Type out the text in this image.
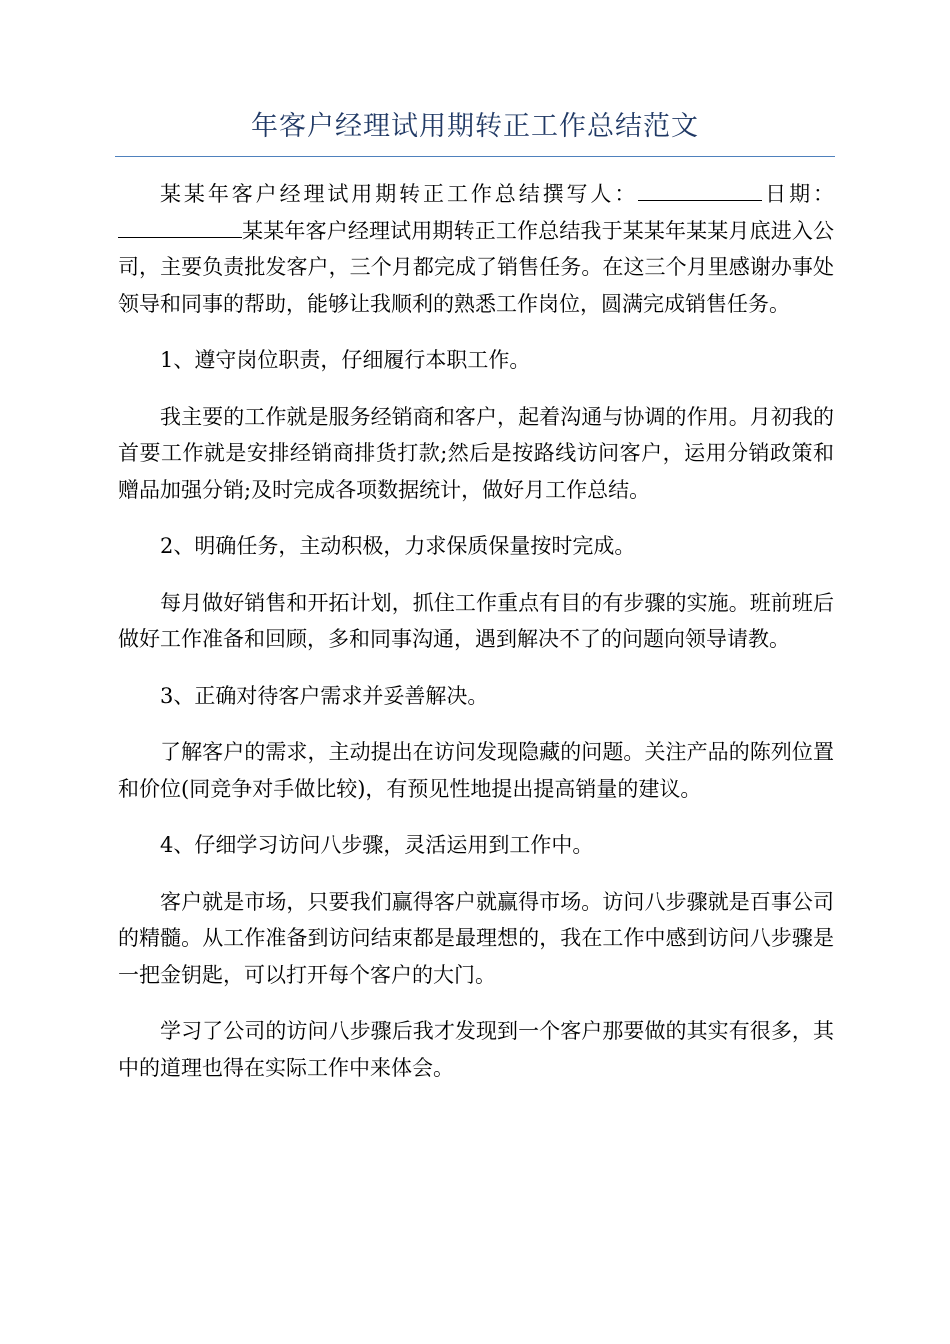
年客户经理试用期转正工作总结范文

某某年客户经理试用期转正工作总结撰写人：	日期：某某年客户经理试用期转正工作总结我于某某年某某月底进入公司，主要负责批发客户，三个月都完成了销售任务。在这三个月里感谢办事处领导和同事的帮助，能够让我顺利的熟悉工作岗位，圆满完成销售任务。

1、遵守岗位职责，仔细履行本职工作。

我主要的工作就是服务经销商和客户，起着沟通与协调的作用。月初我的首要工作就是安排经销商排货打款;然后是按路线访问客户，运用分销政策和赠品加强分销;及时完成各项数据统计，做好月工作总结。

2、明确任务，主动积极，力求保质保量按时完成。

每月做好销售和开拓计划，抓住工作重点有目的有步骤的实施。班前班后做好工作准备和回顾，多和同事沟通，遇到解决不了的问题向领导请教。

3、正确对待客户需求并妥善解决。

了解客户的需求，主动提出在访问发现隐藏的问题。关注产品的陈列位置和价位(同竞争对手做比较)，有预见性地提出提高销量的建议。

4、仔细学习访问八步骤，灵活运用到工作中。

客户就是市场，只要我们赢得客户就赢得市场。访问八步骤就是百事公司的精髓。从工作准备到访问结束都是最理想的，我在工作中感到访问八步骤是一把金钥匙，可以打开每个客户的大门。

学习了公司的访问八步骤后我才发现到一个客户那要做的其实有很多，其中的道理也得在实际工作中来体会。
